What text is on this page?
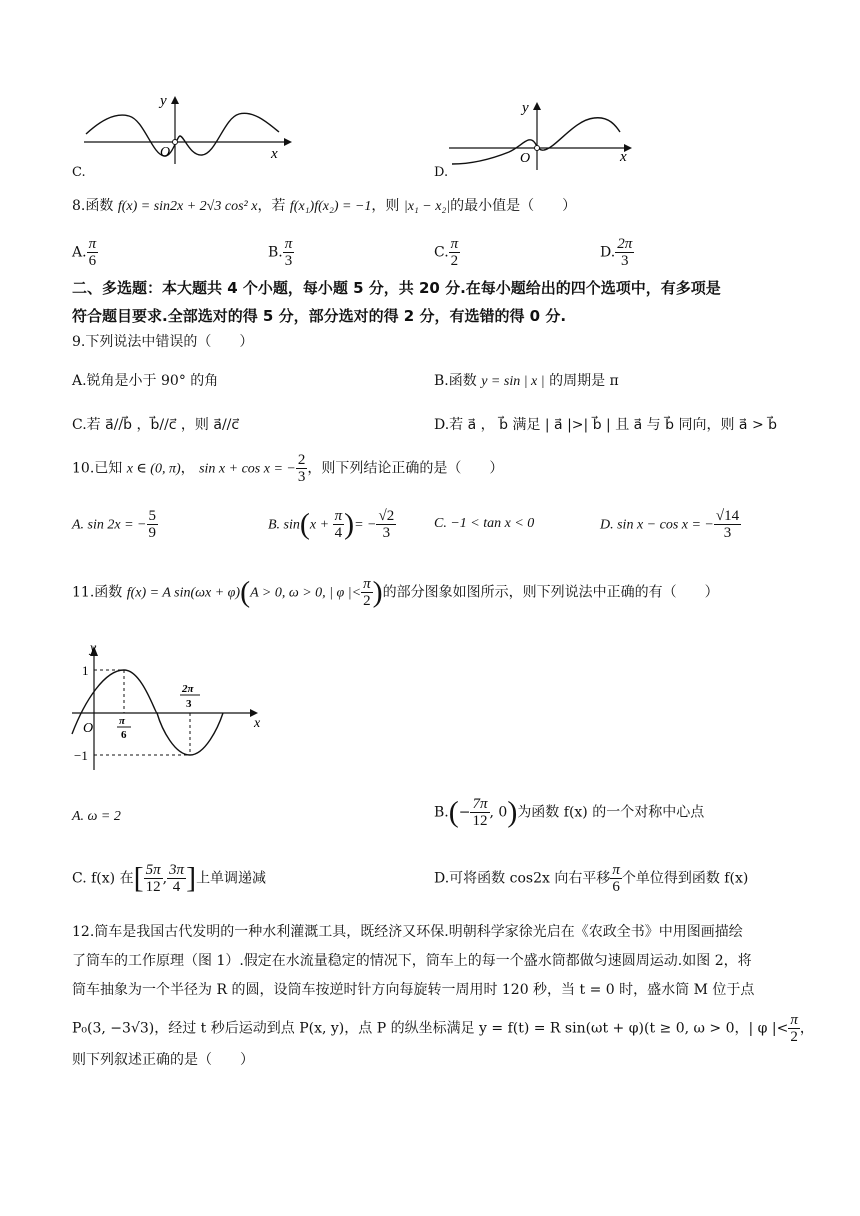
y
O	x
C.
y
O	x
D.
8.函数 f(x) = sin2x + 2√3 cos² x，若 f(x₁)f(x₂) = −1，则 |x₁ − x₂|的最小值是（　　）
A. $\frac{\pi}{6}$	B. $\frac{\pi}{3}$	C. $\frac{\pi}{2}$	D. $\frac{2\pi}{3}$
二、多选题：本大题共 4 个小题，每小题 5 分，共 20 分.在每小题给出的四个选项中，有多项是
符合题目要求.全部选对的得 5 分，部分选对的得 2 分，有选错的得 0 分.
9.下列说法中错误的（　　）
A.锐角是小于 90° 的角	B.函数 y = sin | x | 的周期是 π
C.若 a⃗//b⃗ ，b⃗//c⃗ ，则 a⃗//c⃗	D.若 a⃗ ， b⃗ 满足 | a⃗ |>| b⃗ | 且 a⃗ 与 b⃗ 同向，则 a⃗ > b⃗
10.已知 x ∈ (0, π)， sin x + cos x = − $\frac{2}{3}$ ，则下列结论正确的是（　　）
A. sin 2x = − $\frac{5}{9}$	B. $\sin(x + \frac{\pi}{4}$ )= − $\frac{√2}{3}$	C. −1 < tan x < 0	D. sin x − cos x = − $\frac{√14}{3}$
11.函数 f(x) = A sin(ωx + φ)(A > 0, ω > 0, | φ |< $\frac{\pi}{2}$ )的部分图象如图所示，则下列说法中正确的有（　　）
y
x
O
1
−1
π
6
2π
3
A. ω = 2	$B.(- \frac{7\pi}{12}$ , 0)为函数 f(x) 的一个对称中心点
C. f(x) 在[ $\frac{5\pi}{12}$ , $\frac{3\pi}{4}$ ]上单调递减	D.可将函数 cos2x 向右平移 $\frac{\pi}{6}$ 个单位得到函数 f(x)
12.筒车是我国古代发明的一种水利灌溉工具，既经济又环保.明朝科学家徐光启在《农政全书》中用图画描绘
了筒车的工作原理（图 1）.假定在水流量稳定的情况下，筒车上的每一个盛水筒都做匀速圆周运动.如图 2，将
筒车抽象为一个半径为 R 的圆，设筒车按逆时针方向每旋转一周用时 120 秒，当 t = 0 时，盛水筒 M 位于点
P₀(3, −3√3)，经过 t 秒后运动到点 P(x, y)，点 P 的纵坐标满足 y = f(t) = R sin(ωt + φ)(t ≥ 0, ω > 0，| φ |< $\frac{\pi}{2}$ ，
则下列叙述正确的是（　　）
